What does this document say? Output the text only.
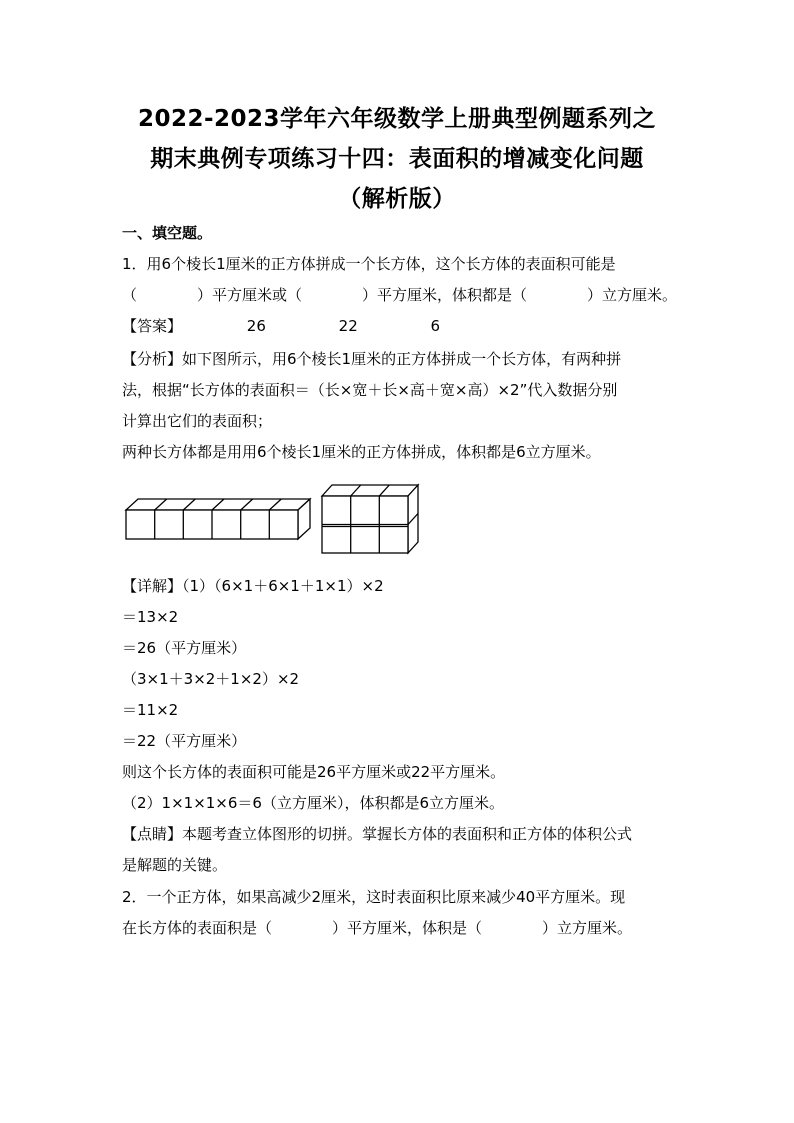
2022-2023学年六年级数学上册典型例题系列之
期末典例专项练习十四：表面积的增减变化问题
（解析版）
一、填空题。
1．用6个棱长1厘米的正方体拼成一个长方体，这个长方体的表面积可能是
（　　　　）平方厘米或（　　　　）平方厘米，体积都是（　　　　）立方厘米。
【答案】	26	22	6
【分析】如下图所示，用6个棱长1厘米的正方体拼成一个长方体，有两种拼
法，根据“长方体的表面积＝（长×宽＋长×高＋宽×高）×2”代入数据分别
计算出它们的表面积；
两种长方体都是用用6个棱长1厘米的正方体拼成，体积都是6立方厘米。
【详解】（1）（6×1＋6×1＋1×1）×2
＝13×2
＝26（平方厘米）
（3×1＋3×2＋1×2）×2
＝11×2
＝22（平方厘米）
则这个长方体的表面积可能是26平方厘米或22平方厘米。
（2）1×1×1×6＝6（立方厘米），体积都是6立方厘米。
【点睛】本题考查立体图形的切拼。掌握长方体的表面积和正方体的体积公式
是解题的关键。
2．一个正方体，如果高减少2厘米，这时表面积比原来减少40平方厘米。现
在长方体的表面积是（　　　　）平方厘米，体积是（　　　　）立方厘米。
